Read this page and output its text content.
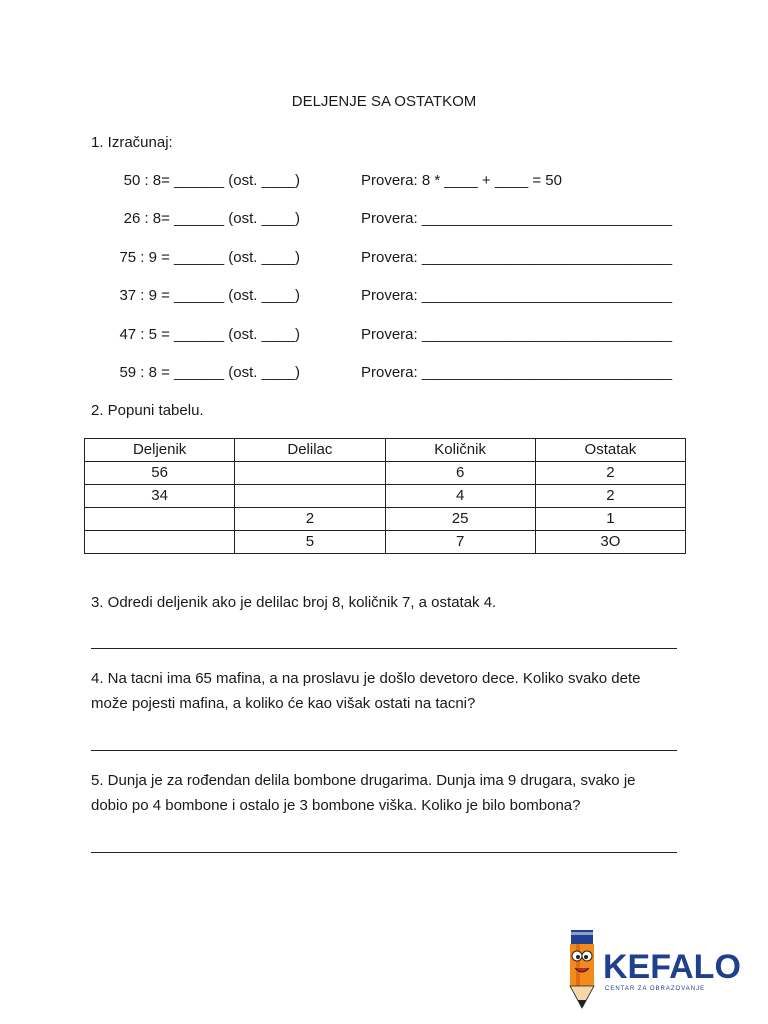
DELJENJE SA OSTATKOM
1. Izračunaj:
50 : 8= ______ (ost. ____)	Provera: 8 * ____ + ____ = 50
26 : 8= ______ (ost. ____)	Provera: ______________________________
75 : 9 = ______ (ost. ____)	Provera: ______________________________
37 : 9 = ______ (ost. ____)	Provera: ______________________________
47 : 5 = ______ (ost. ____)	Provera: ______________________________
59 : 8 = ______ (ost. ____)	Provera: ______________________________
2. Popuni tabelu.
Deljenik	Delilac	Količnik	Ostatak
56		6	2
34		4	2
	2	25	1
	5	7	3O
3. Odredi deljenik ako je delilac broj 8, količnik 7, a ostatak 4.
4. Na tacni ima 65 mafina, a na proslavu je došlo devetoro dece. Koliko svako dete
može pojesti mafina, a koliko će kao višak ostati na tacni?
5. Dunja je za rođendan delila bombone drugarima. Dunja ima 9 drugara, svako je
dobio po 4 bombone i ostalo je 3 bombone viška. Koliko je bilo bombona?
KEFALO
CENTAR ZA OBRAZOVANJE
